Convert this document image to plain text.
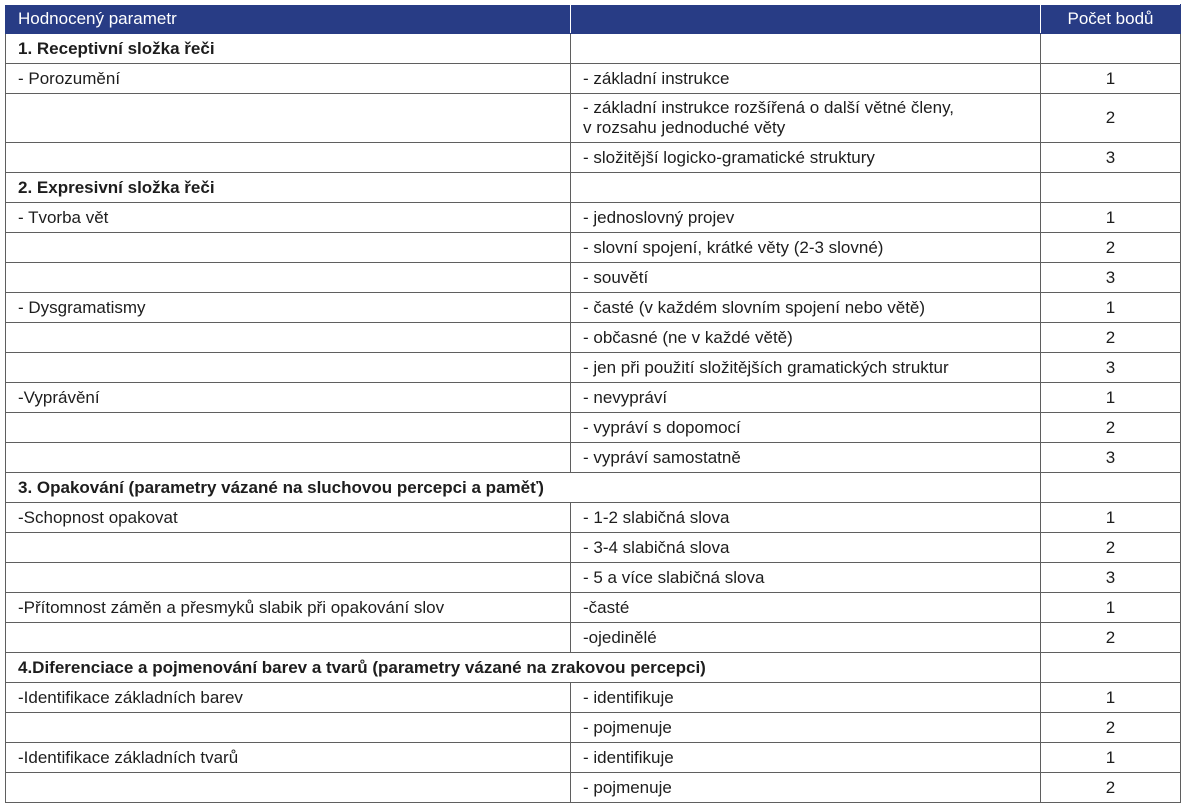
Hodnocený parametr		Počet bodů
1. Receptivní složka řeči		
- Porozumění	- základní instrukce	1

	- základní instrukce rozšířená o další větné členy,
v rozsahu jednoduché věty	2
	- složitější logicko-gramatické struktury	3
2. Expresivní složka řeči		
- Tvorba vět	- jednoslovný projev	1
	- slovní spojení, krátké věty (2-3 slovné)	2
	- souvětí	3
- Dysgramatismy	- časté (v každém slovním spojení nebo větě)	1
	- občasné (ne v každé větě)	2
	- jen při použití složitějších gramatických struktur	3
-Vyprávění	- nevypráví	1
	- vypráví s dopomocí	2
	- vypráví samostatně	3
3. Opakování (parametry vázané na sluchovou percepci a paměť)		
-Schopnost opakovat	- 1-2 slabičná slova	1
	- 3-4 slabičná slova	2
	- 5 a více slabičná slova	3
-Přítomnost záměn a přesmyků slabik při opakování slov	-časté	1
	-ojedinělé	2
4.Diferenciace a pojmenování barev a tvarů (parametry vázané na zrakovou percepci)		
-Identifikace základních barev	- identifikuje	1
	- pojmenuje	2
-Identifikace základních tvarů	- identifikuje	1
	- pojmenuje	2
